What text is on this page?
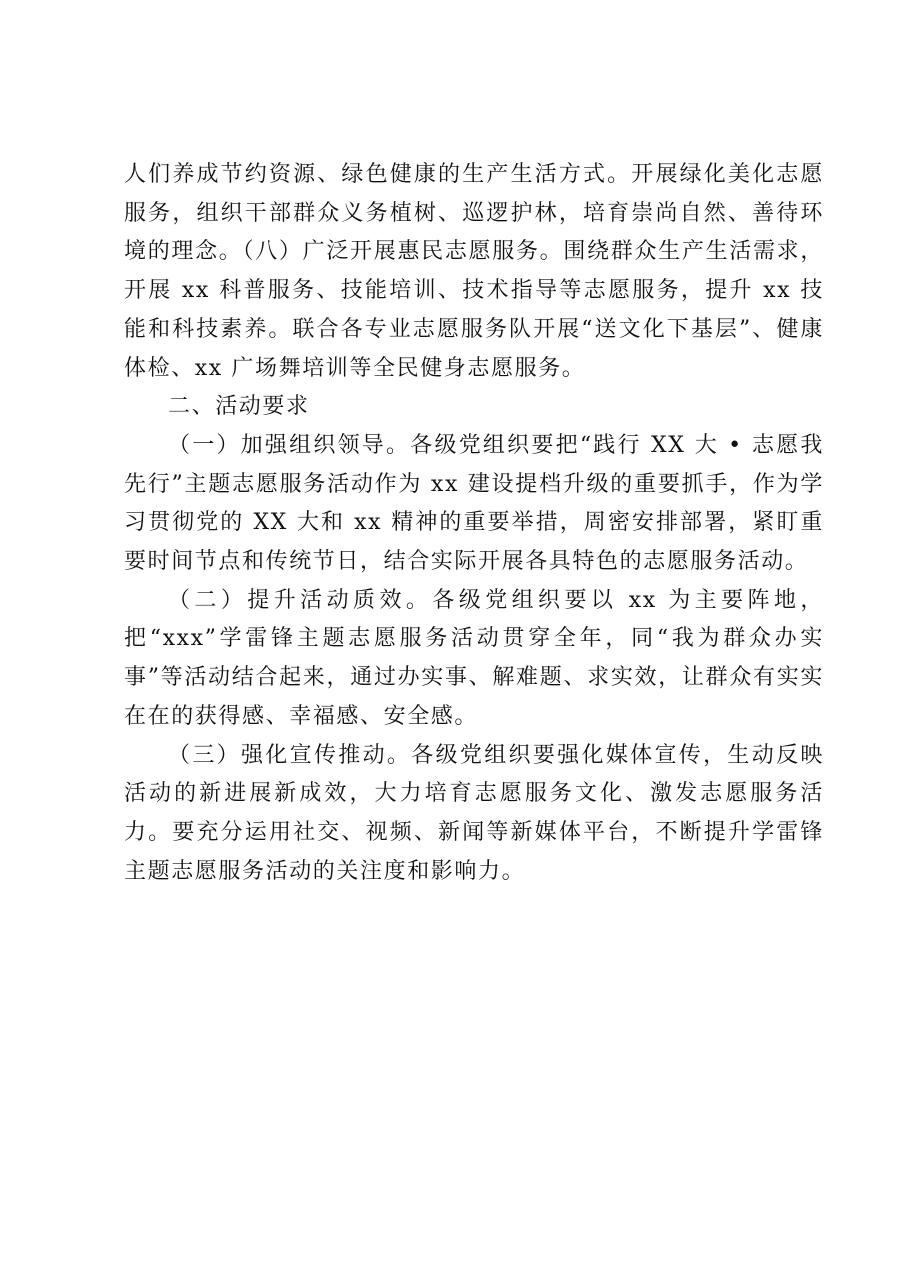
人们养成节约资源、绿色健康的生产生活方式。开展绿化美化志愿服务，组织干部群众义务植树、巡逻护林，培育崇尚自然、善待环境的理念。（八）广泛开展惠民志愿服务。围绕群众生产生活需求，开展 xx 科普服务、技能培训、技术指导等志愿服务，提升 xx 技能和科技素养。联合各专业志愿服务队开展“送文化下基层”、健康体检、xx 广场舞培训等全民健身志愿服务。

二、活动要求

（一）加强组织领导。各级党组织要把“践行 XX 大 • 志愿我先行”主题志愿服务活动作为 xx 建设提档升级的重要抓手，作为学习贯彻党的 XX 大和 xx 精神的重要举措，周密安排部署，紧盯重要时间节点和传统节日，结合实际开展各具特色的志愿服务活动。

（二）提升活动质效。各级党组织要以 xx 为主要阵地，把“xxx”学雷锋主题志愿服务活动贯穿全年，同“我为群众办实事”等活动结合起来，通过办实事、解难题、求实效，让群众有实实在在的获得感、幸福感、安全感。

（三）强化宣传推动。各级党组织要强化媒体宣传，生动反映活动的新进展新成效，大力培育志愿服务文化、激发志愿服务活力。要充分运用社交、视频、新闻等新媒体平台，不断提升学雷锋主题志愿服务活动的关注度和影响力。
